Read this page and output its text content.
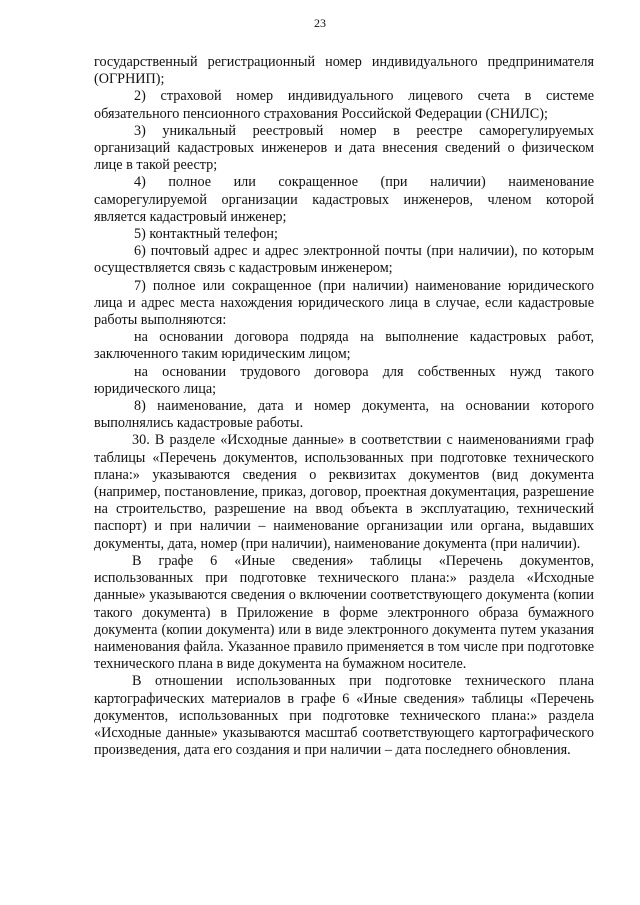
23

государственный регистрационный номер индивидуального предпринимателя (ОГРНИП);

2) страховой номер индивидуального лицевого счета в системе обязательного пенсионного страхования Российской Федерации (СНИЛС);

3) уникальный реестровый номер в реестре саморегулируемых организаций кадастровых инженеров и дата внесения сведений о физическом лице в такой реестр;

4) полное или сокращенное (при наличии) наименование саморегулируемой организации кадастровых инженеров, членом которой является кадастровый инженер;

5) контактный телефон;

6) почтовый адрес и адрес электронной почты (при наличии), по которым осуществляется связь с кадастровым инженером;

7) полное или сокращенное (при наличии) наименование юридического лица и адрес места нахождения юридического лица в случае, если кадастровые работы выполняются:

на основании договора подряда на выполнение кадастровых работ, заключенного таким юридическим лицом;

на основании трудового договора для собственных нужд такого юридического лица;

8) наименование, дата и номер документа, на основании которого выполнялись кадастровые работы.

30. В разделе «Исходные данные» в соответствии с наименованиями граф таблицы «Перечень документов, использованных при подготовке технического плана:» указываются сведения о реквизитах документов (вид документа (например, постановление, приказ, договор, проектная документация, разрешение на строительство, разрешение на ввод объекта в эксплуатацию, технический паспорт) и при наличии – наименование организации или органа, выдавших документы, дата, номер (при наличии), наименование документа (при наличии).

В графе 6 «Иные сведения» таблицы «Перечень документов, использованных при подготовке технического плана:» раздела «Исходные данные» указываются сведения о включении соответствующего документа (копии такого документа) в Приложение в форме электронного образа бумажного документа (копии документа) или в виде электронного документа путем указания наименования файла. Указанное правило применяется в том числе при подготовке технического плана в виде документа на бумажном носителе.

В отношении использованных при подготовке технического плана картографических материалов в графе 6 «Иные сведения» таблицы «Перечень документов, использованных при подготовке технического плана:» раздела «Исходные данные» указываются масштаб соответствующего картографического произведения, дата его создания и при наличии – дата последнего обновления.
